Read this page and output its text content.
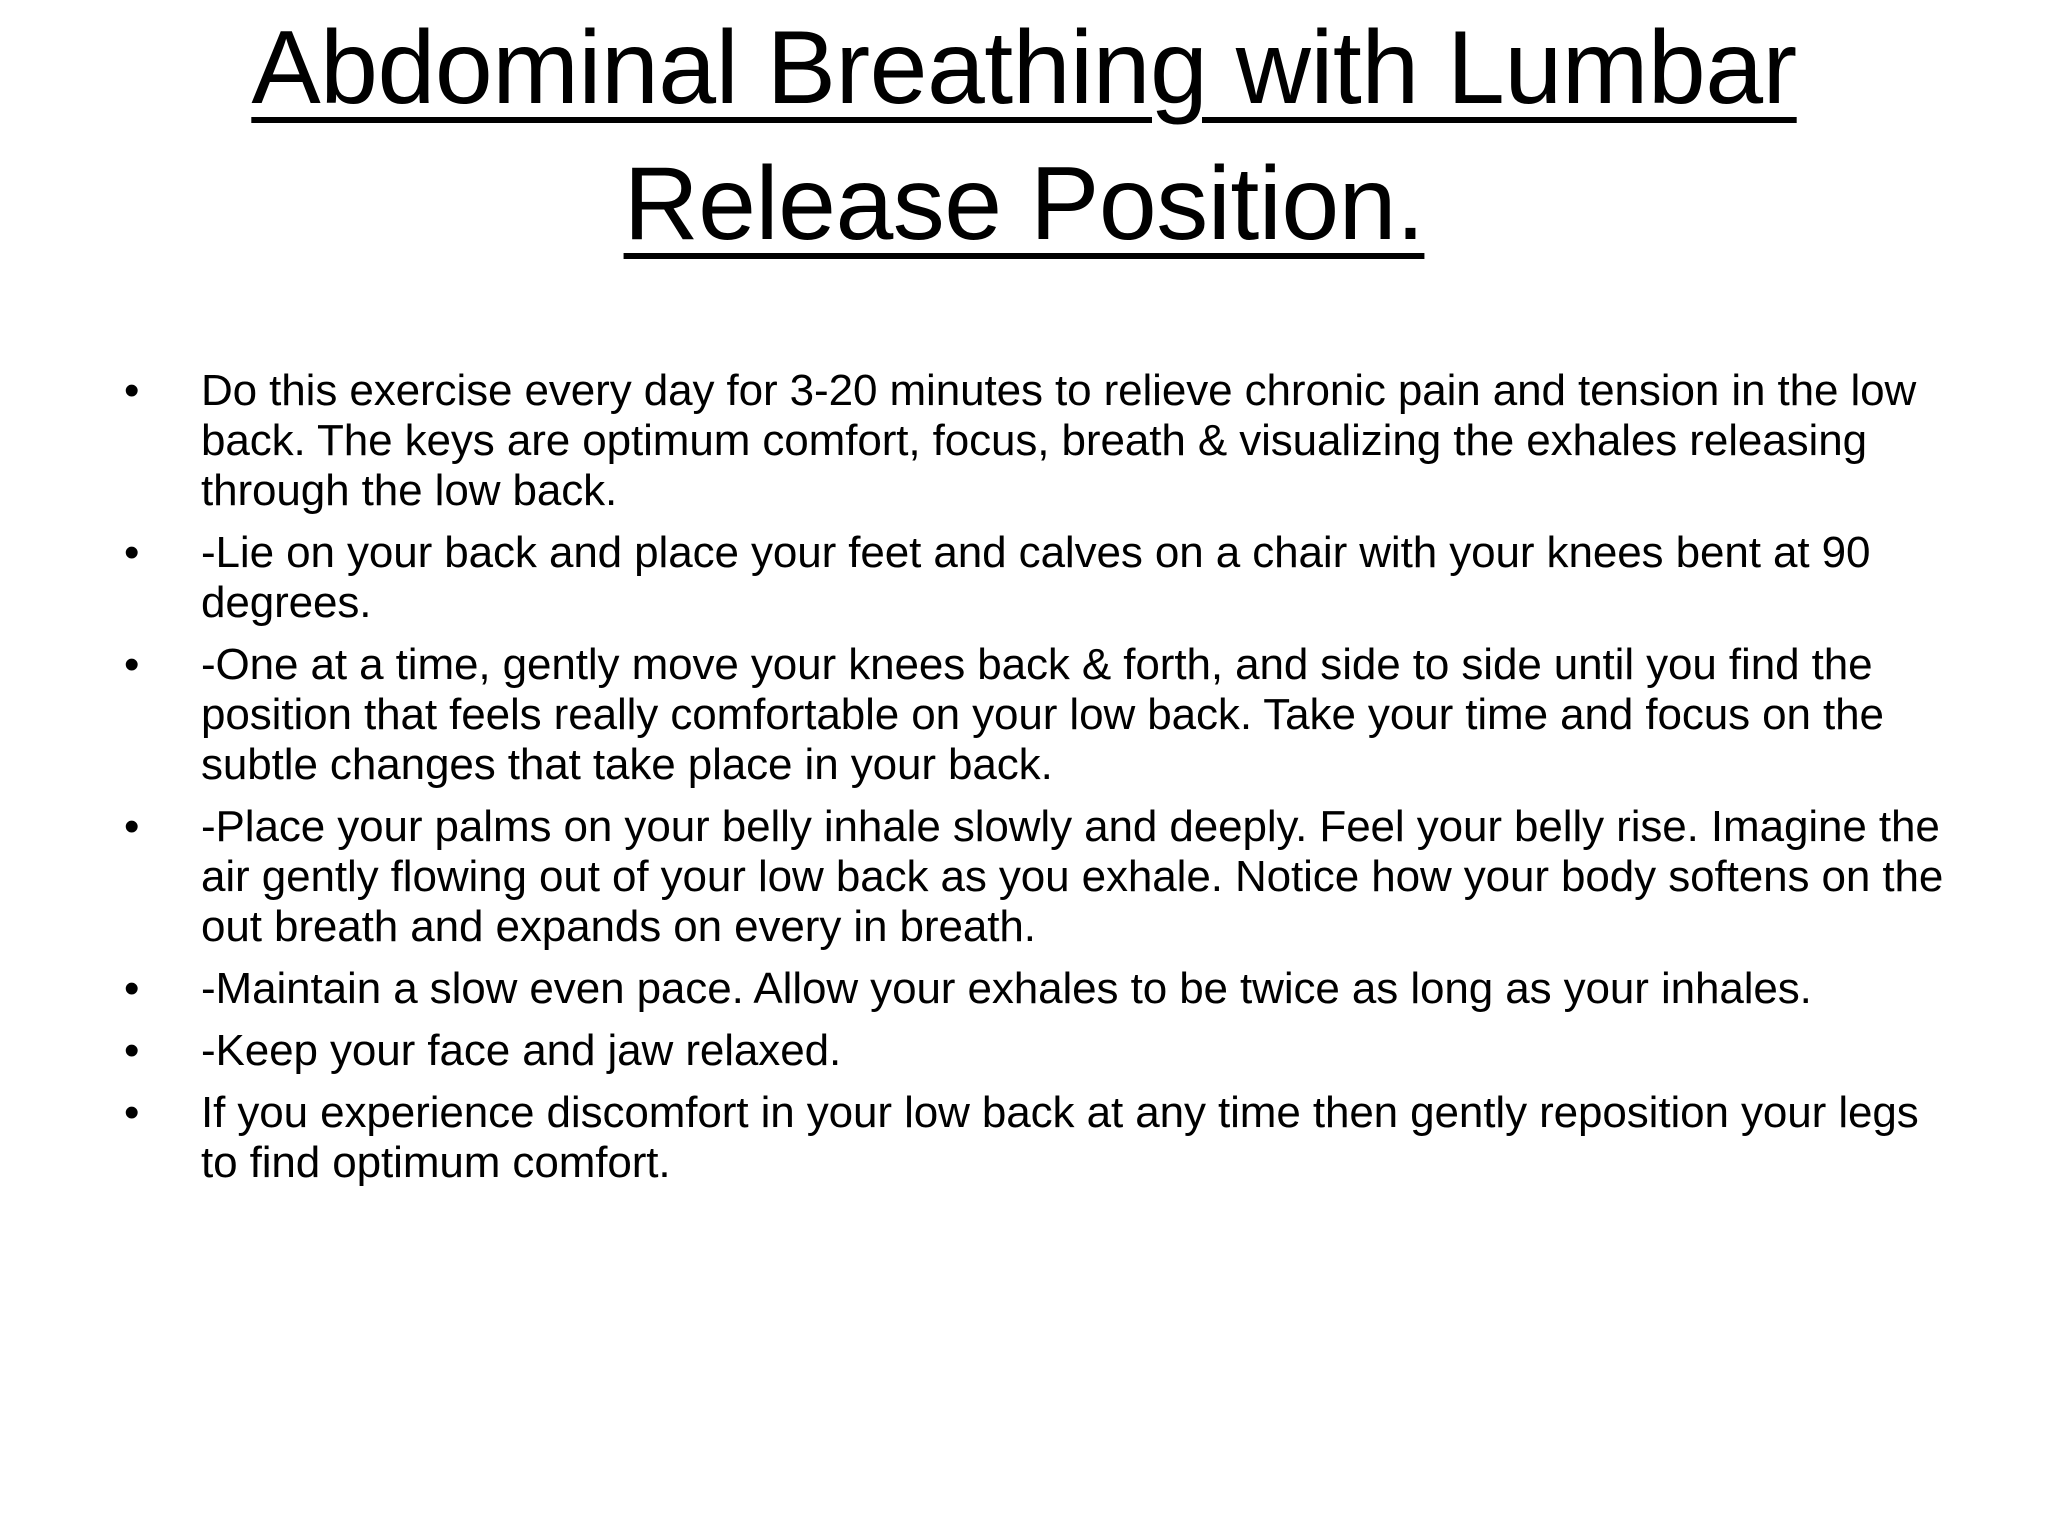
Abdominal Breathing with Lumbar Release Position.
•	Do this exercise every day for 3-20 minutes to relieve chronic pain and tension in the low back. The keys are optimum comfort, focus, breath & visualizing the exhales releasing through the low back.
•	-Lie on your back and place your feet and calves on a chair with your knees bent at 90 degrees.
•	-One at a time, gently move your knees back & forth, and side to side until you find the position that feels really comfortable on your low back. Take your time and focus on the subtle changes that take place in your back.
•	-Place your palms on your belly inhale slowly and deeply. Feel your belly rise. Imagine the air gently flowing out of your low back as you exhale. Notice how your body softens on the out breath and expands on every in breath.
•	-Maintain a slow even pace. Allow your exhales to be twice as long as your inhales.
•	-Keep your face and jaw relaxed.
•	If you experience discomfort in your low back at any time then gently reposition your legs to find optimum comfort.
